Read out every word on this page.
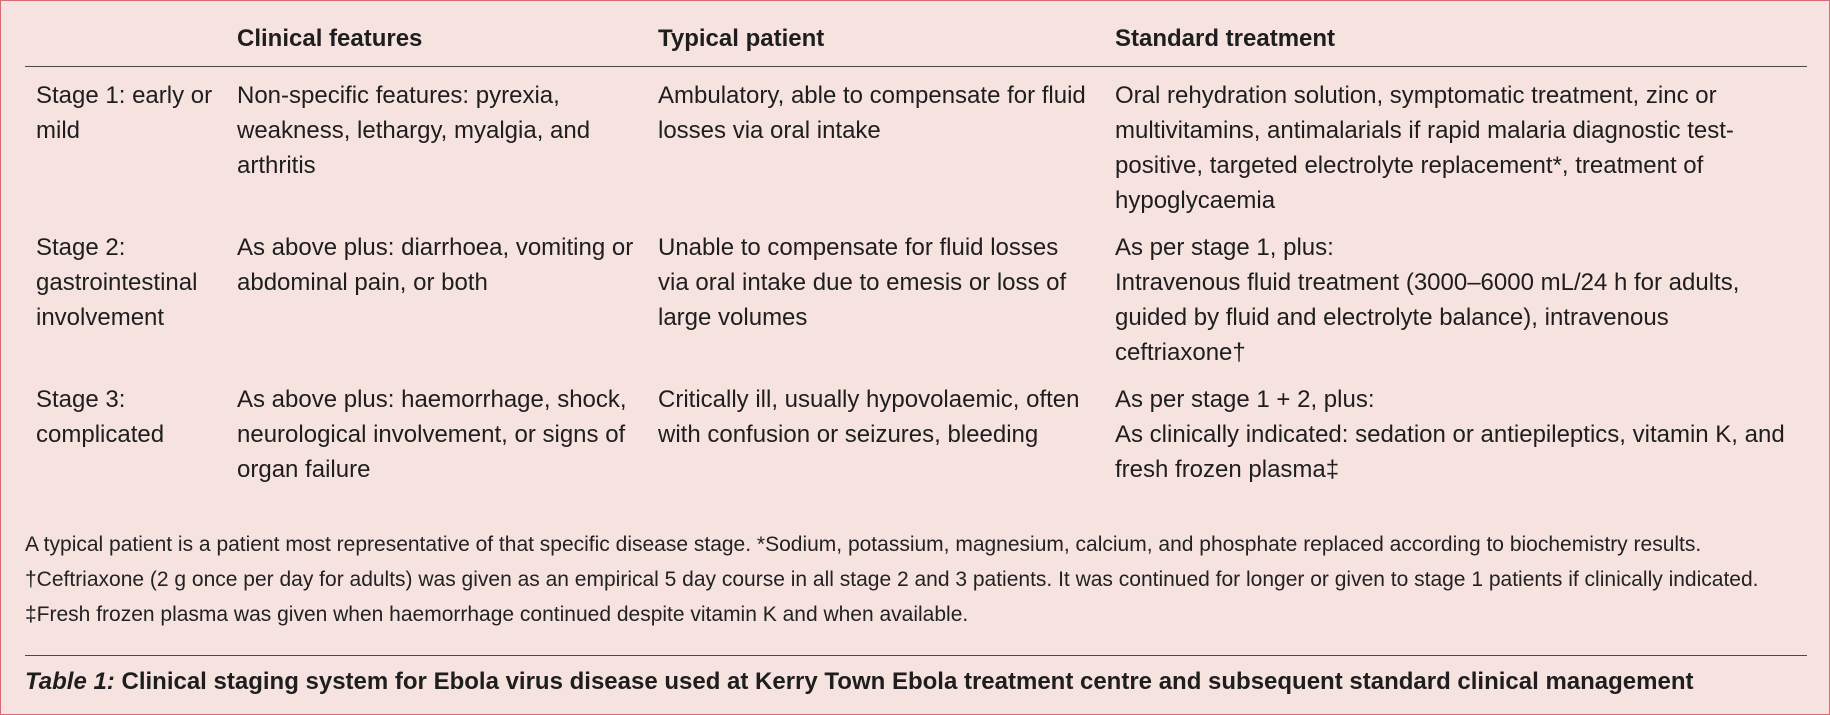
	Clinical features	Typical patient	Standard treatment
Stage 1: early or mild	Non-specific features: pyrexia, weakness, lethargy, myalgia, and arthritis	Ambulatory, able to compensate for fluid losses via oral intake	Oral rehydration solution, symptomatic treatment, zinc or multivitamins, antimalarials if rapid malaria diagnostic test-positive, targeted electrolyte replacement*, treatment of hypoglycaemia

Stage 2: gastrointestinal involvement	As above plus: diarrhoea, vomiting or abdominal pain, or both	Unable to compensate for fluid losses via oral intake due to emesis or loss of large volumes	As per stage 1, plus:
Intravenous fluid treatment (3000–6000 mL/24 h for adults, guided by fluid and electrolyte balance), intravenous ceftriaxone†

Stage 3: complicated	As above plus: haemorrhage, shock, neurological involvement, or signs of organ failure	Critically ill, usually hypovolaemic, often with confusion or seizures, bleeding	As per stage 1 + 2, plus:
As clinically indicated: sedation or antiepileptics, vitamin K, and fresh frozen plasma‡

A typical patient is a patient most representative of that specific disease stage. *Sodium, potassium, magnesium, calcium, and phosphate replaced according to biochemistry results. †Ceftriaxone (2 g once per day for adults) was given as an empirical 5 day course in all stage 2 and 3 patients. It was continued for longer or given to stage 1 patients if clinically indicated. ‡Fresh frozen plasma was given when haemorrhage continued despite vitamin K and when available.

Table 1: Clinical staging system for Ebola virus disease used at Kerry Town Ebola treatment centre and subsequent standard clinical management
